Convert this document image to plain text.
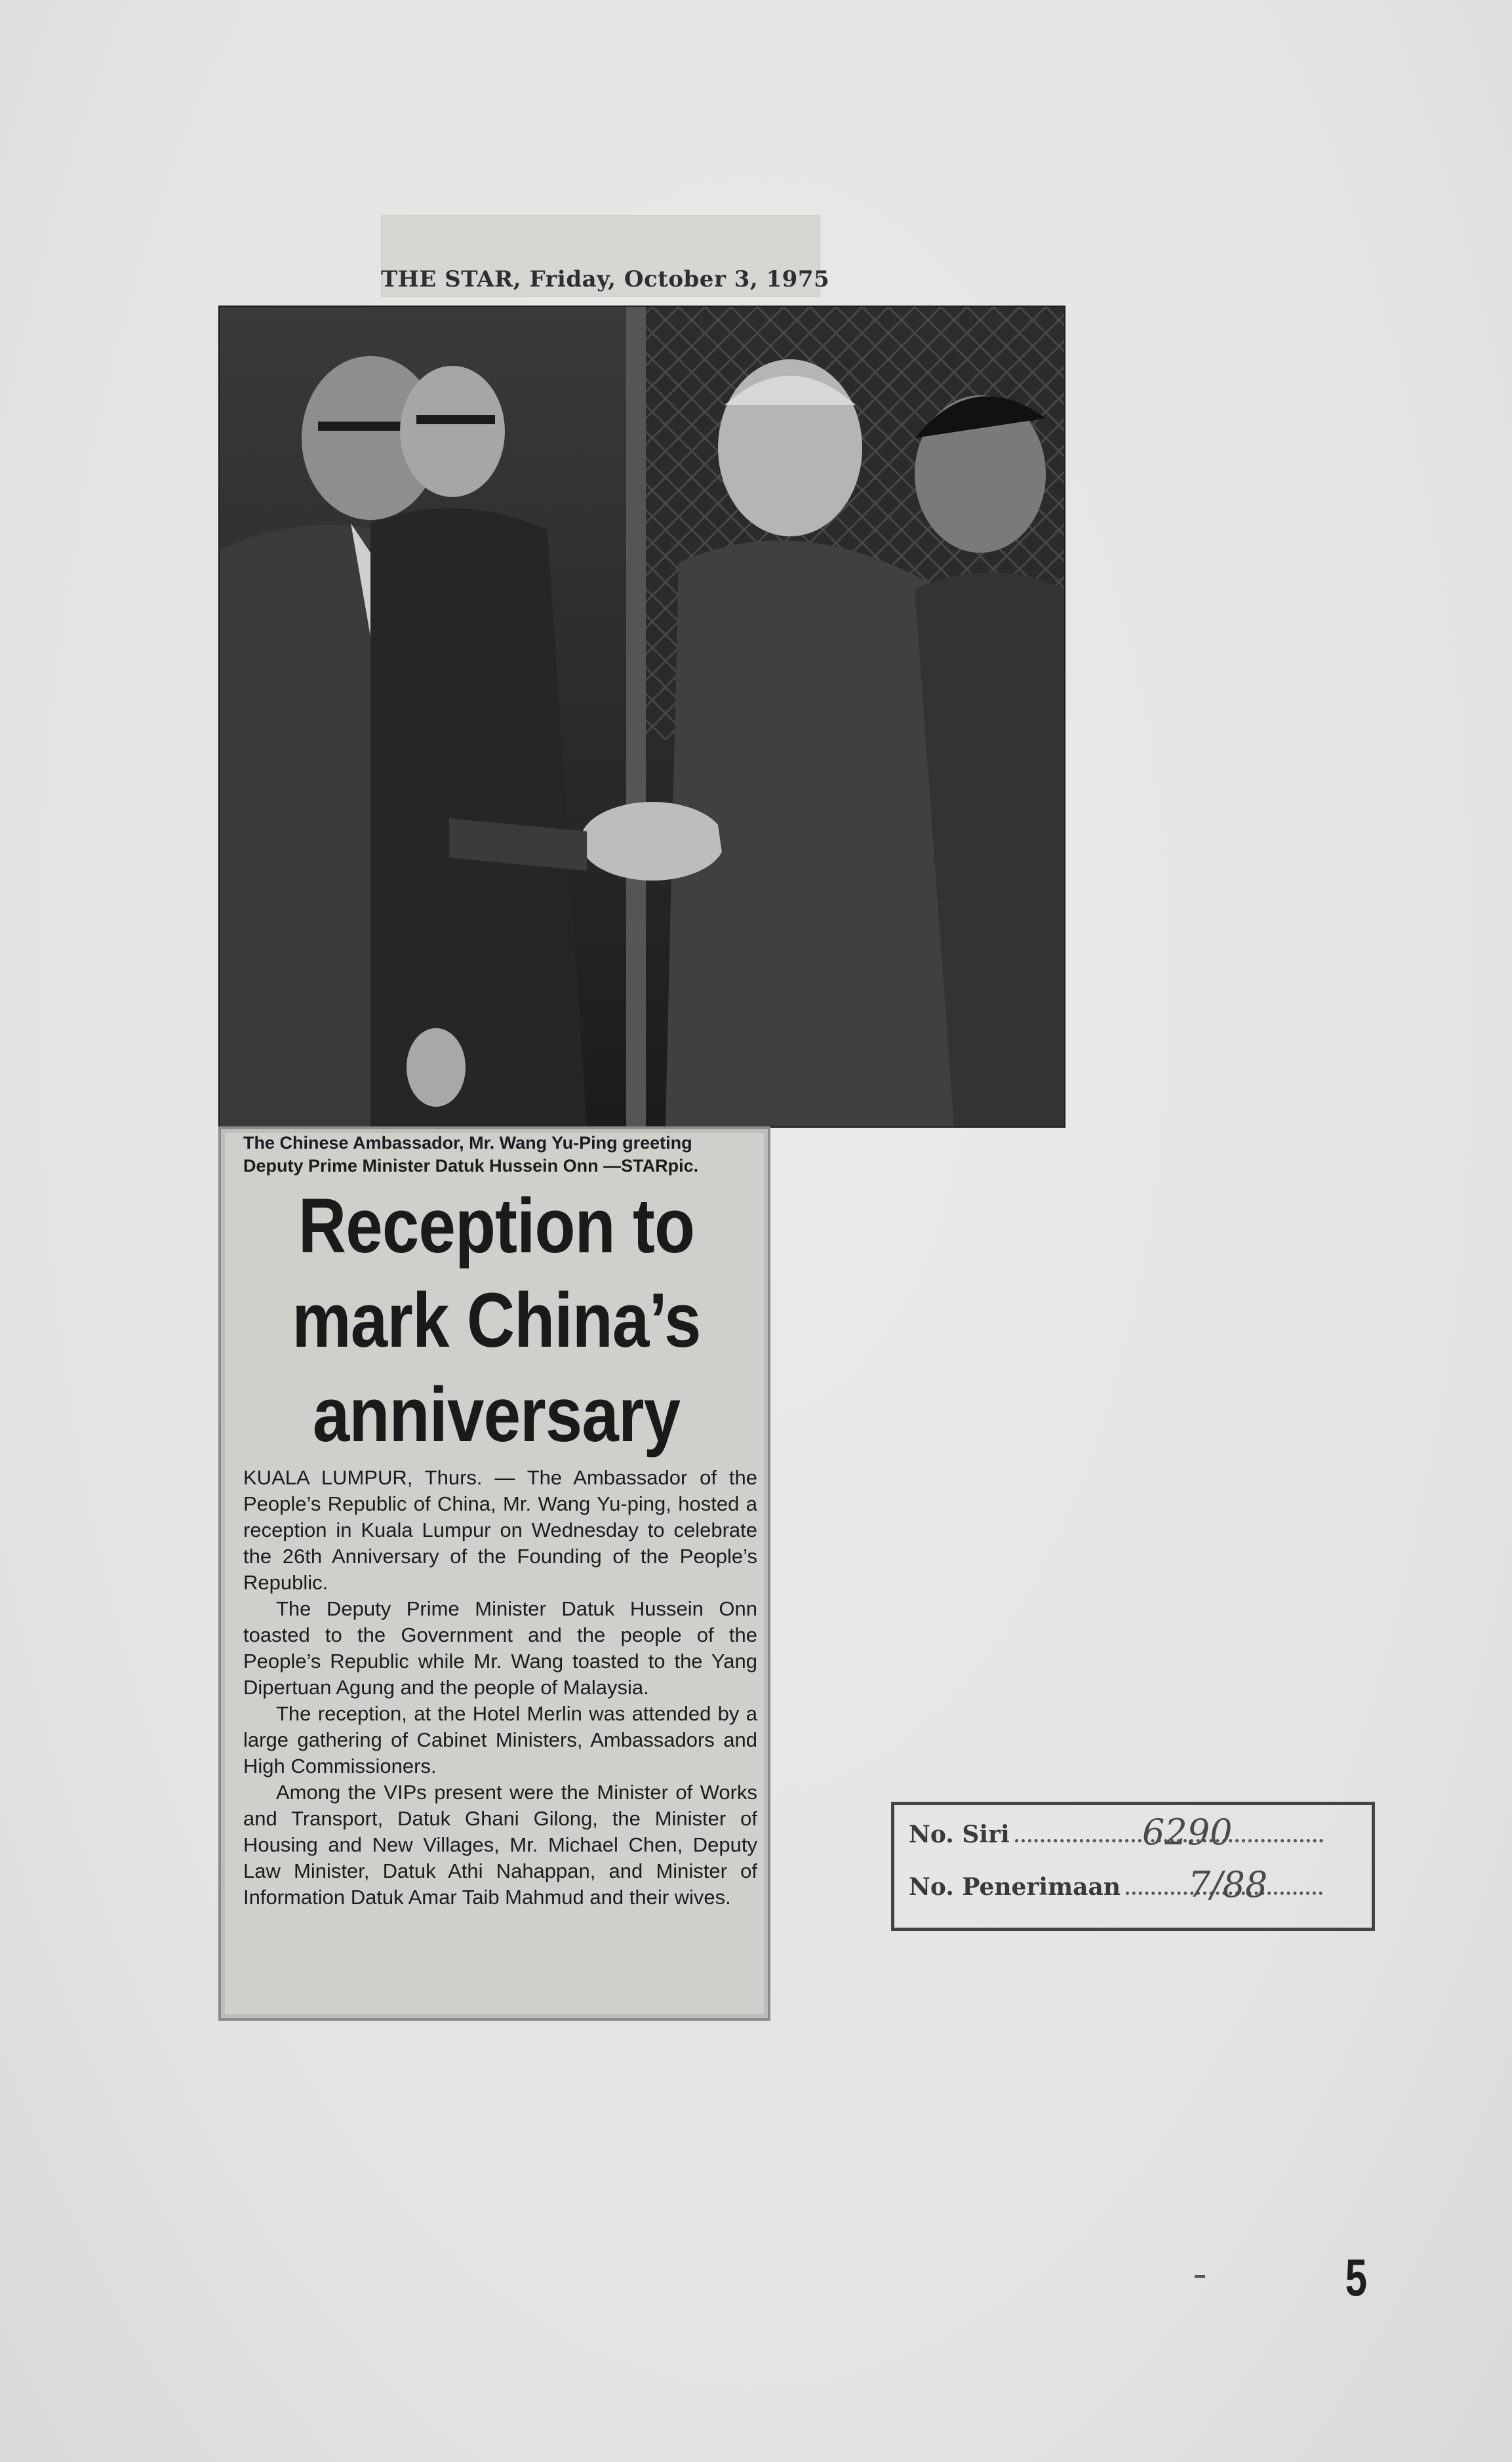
THE STAR, Friday, October 3, 1975
The Chinese Ambassador, Mr. Wang Yu-Ping greeting
Deputy Prime Minister Datuk Hussein Onn —STARpic.
Reception to
mark China’s
anniversary

KUALA LUMPUR, Thurs. — The Ambassador of the People’s Republic of China, Mr. Wang Yu-ping, hosted a reception in Kuala Lumpur on Wednesday to celebrate the 26th Anniversary of the Founding of the People’s Republic.

The Deputy Prime Minister Datuk Hussein Onn toasted to the Government and the people of the People’s Republic while Mr. Wang toasted to the Yang Dipertuan Agung and the people of Malaysia.

The reception, at the Hotel Merlin was attended by a large gathering of Cabinet Ministers, Ambassadors and High Commissioners.

Among the VIPs present were the Minister of Works and Transport, Datuk Ghani Gilong, the Minister of Housing and New Villages, Mr. Michael Chen, Deputy Law Minister, Datuk Athi Nahappan, and Minister of Information Datuk Amar Taib Mahmud and their wives.

No. Siri	6290
No. Penerimaan	7/88
5
